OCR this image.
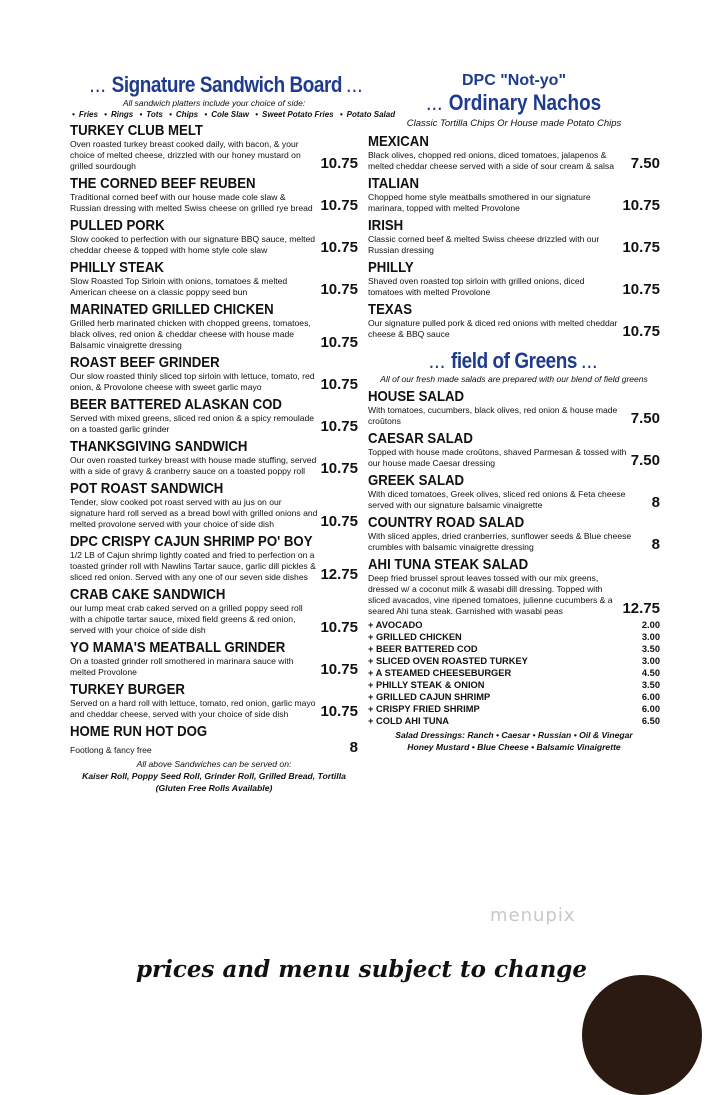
... Signature Sandwich Board ...
All sandwich platters include your choice of side:
• Fries • Rings • Tots • Chips • Cole Slaw • Sweet Potato Fries • Potato Salad
TURKEY CLUB MELT
Oven roasted turkey breast cooked daily, with bacon, & your choice of melted cheese, drizzled with our honey mustard on grilled sourdough	10.75
THE CORNED BEEF REUBEN
Traditional corned beef with our house made cole slaw & Russian dressing with melted Swiss cheese on grilled rye bread 10.75
PULLED PORK
Slow cooked to perfection with our signature BBQ sauce, melted cheddar cheese & topped with home style cole slaw	10.75
PHILLY STEAK
Slow Roasted Top Sirloin with onions, tomatoes & melted American cheese on a classic poppy seed bun	10.75
MARINATED GRILLED CHICKEN
Grilled herb marinated chicken with chopped greens, tomatoes, black olives, red onion & cheddar cheese with house made Balsamic vinaigrette dressing	10.75
ROAST BEEF GRINDER
Our slow roasted thinly sliced top sirloin with lettuce, tomato, red onion, & Provolone cheese with sweet garlic mayo	10.75
BEER BATTERED ALASKAN COD
Served with mixed greens, sliced red onion & a spicy remoulade on a toasted garlic grinder	10.75
THANKSGIVING SANDWICH
Our oven roasted turkey breast with house made stuffing, served with a side of gravy & cranberry sauce on a toasted poppy roll	10.75
POT ROAST SANDWICH
Tender, slow cooked pot roast served with au jus on our signature hard roll served as a bread bowl with grilled onions and melted provolone served with your choice of side dish	10.75
DPC CRISPY CAJUN SHRIMP PO' BOY
1/2 LB of Cajun shrimp lightly coated and fried to perfection on a toasted grinder roll with Nawlins Tartar sauce, garlic dill pickles & sliced red onion. Served with any one of our seven side dishes 12.75
CRAB CAKE SANDWICH
our lump meat crab caked served on a grilled poppy seed roll with a chipotle tartar sauce, mixed field greens & red onion, served with your choice of side dish	10.75
YO MAMA'S MEATBALL GRINDER
On a toasted grinder roll smothered in marinara sauce with melted Provolone	10.75
TURKEY BURGER
Served on a hard roll with lettuce, tomato, red onion, garlic mayo and cheddar cheese, served with your choice of side dish	10.75
HOME RUN HOT DOG
Footlong & fancy free	8
All above Sandwiches can be served on:
Kaiser Roll, Poppy Seed Roll, Grinder Roll, Grilled Bread, Tortilla
(Gluten Free Rolls Available)
DPC "Not-yo"
... Ordinary Nachos
Classic Tortilla Chips Or House made Potato Chips
MEXICAN
Black olives, chopped red onions, diced tomatoes, jalapenos & melted cheddar cheese served with a side of sour cream & salsa	7.50
ITALIAN
Chopped home style meatballs smothered in our signature marinara, topped with melted Provolone	10.75
IRISH
Classic corned beef & melted Swiss cheese drizzled with our Russian dressing	10.75
PHILLY
Shaved oven roasted top sirloin with grilled onions, diced tomatoes with melted Provolone	10.75
TEXAS
Our signature pulled pork & diced red onions with melted cheddar cheese & BBQ sauce	10.75
... field of Greens ...
All of our fresh made salads are prepared with our blend of field greens
HOUSE SALAD
With tomatoes, cucumbers, black olives, red onion & house made croûtons	7.50
CAESAR SALAD
Topped with house made croûtons, shaved Parmesan & tossed with our house made Caesar dressing	7.50
GREEK SALAD
With diced tomatoes, Greek olives, sliced red onions & Feta cheese served with our signature balsamic vinaigrette	8
COUNTRY ROAD SALAD
With sliced apples, dried cranberries, sunflower seeds & Blue cheese crumbles with balsamic vinaigrette dressing	8
AHI TUNA STEAK SALAD
Deep fried brussel sprout leaves tossed with our mix greens, dressed w/ a coconut milk & wasabi dill dressing. Topped with sliced avacados, vine ripened tomatoes, julienne cucumbers & a seared Ahi tuna steak. Garnished with wasabi peas	12.75
+ AVOCADO	2.00
+ GRILLED CHICKEN	3.00
+ BEER BATTERED COD	3.50
+ SLICED OVEN ROASTED TURKEY	3.00
+ A STEAMED CHEESEBURGER	4.50
+ PHILLY STEAK & ONION	3.50
+ GRILLED CAJUN SHRIMP	6.00
+ CRISPY FRIED SHRIMP	6.00
+ COLD AHI TUNA	6.50
Salad Dressings: Ranch • Caesar • Russian • Oil & Vinegar
Honey Mustard • Blue Cheese • Balsamic Vinaigrette
menupix
prices and menu subject to change
